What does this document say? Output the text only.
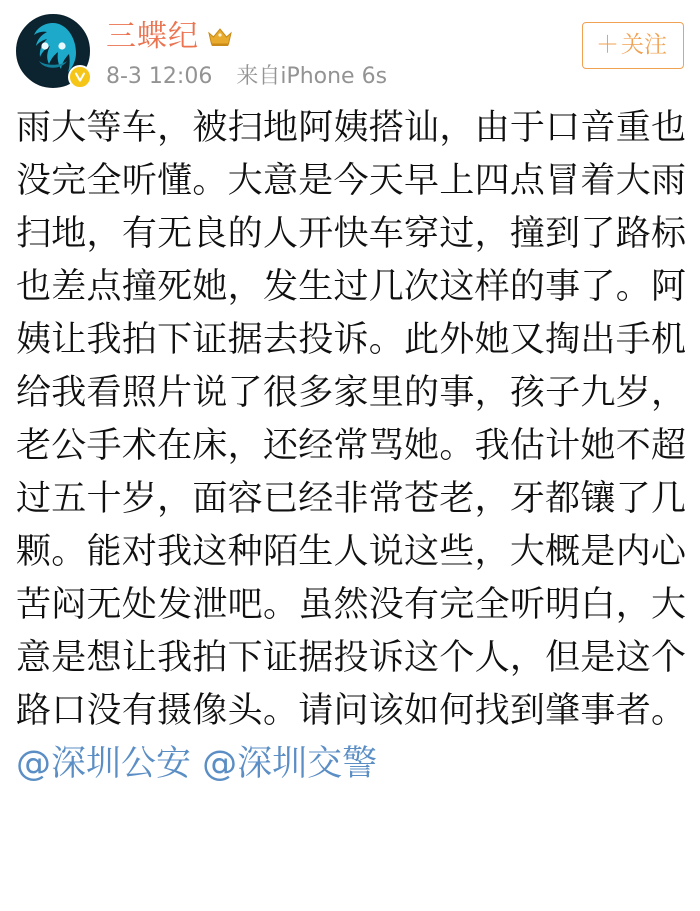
三蝶纪
8-3 12:06 来自iPhone 6s
＋ 关注
雨大等车，被扫地阿姨搭讪，由于口音重也没完全听懂。大意是今天早上四点冒着大雨扫地，有无良的人开快车穿过，撞到了路标也差点撞死她，发生过几次这样的事了。阿姨让我拍下证据去投诉。此外她又掏出手机给我看照片说了很多家里的事，孩子九岁，老公手术在床，还经常骂她。我估计她不超过五十岁，面容已经非常苍老，牙都镶了几颗。能对我这种陌生人说这些，大概是内心苦闷无处发泄吧。虽然没有完全听明白，大意是想让我拍下证据投诉这个人，但是这个路口没有摄像头。请问该如何找到肇事者。@深圳公安 @深圳交警
